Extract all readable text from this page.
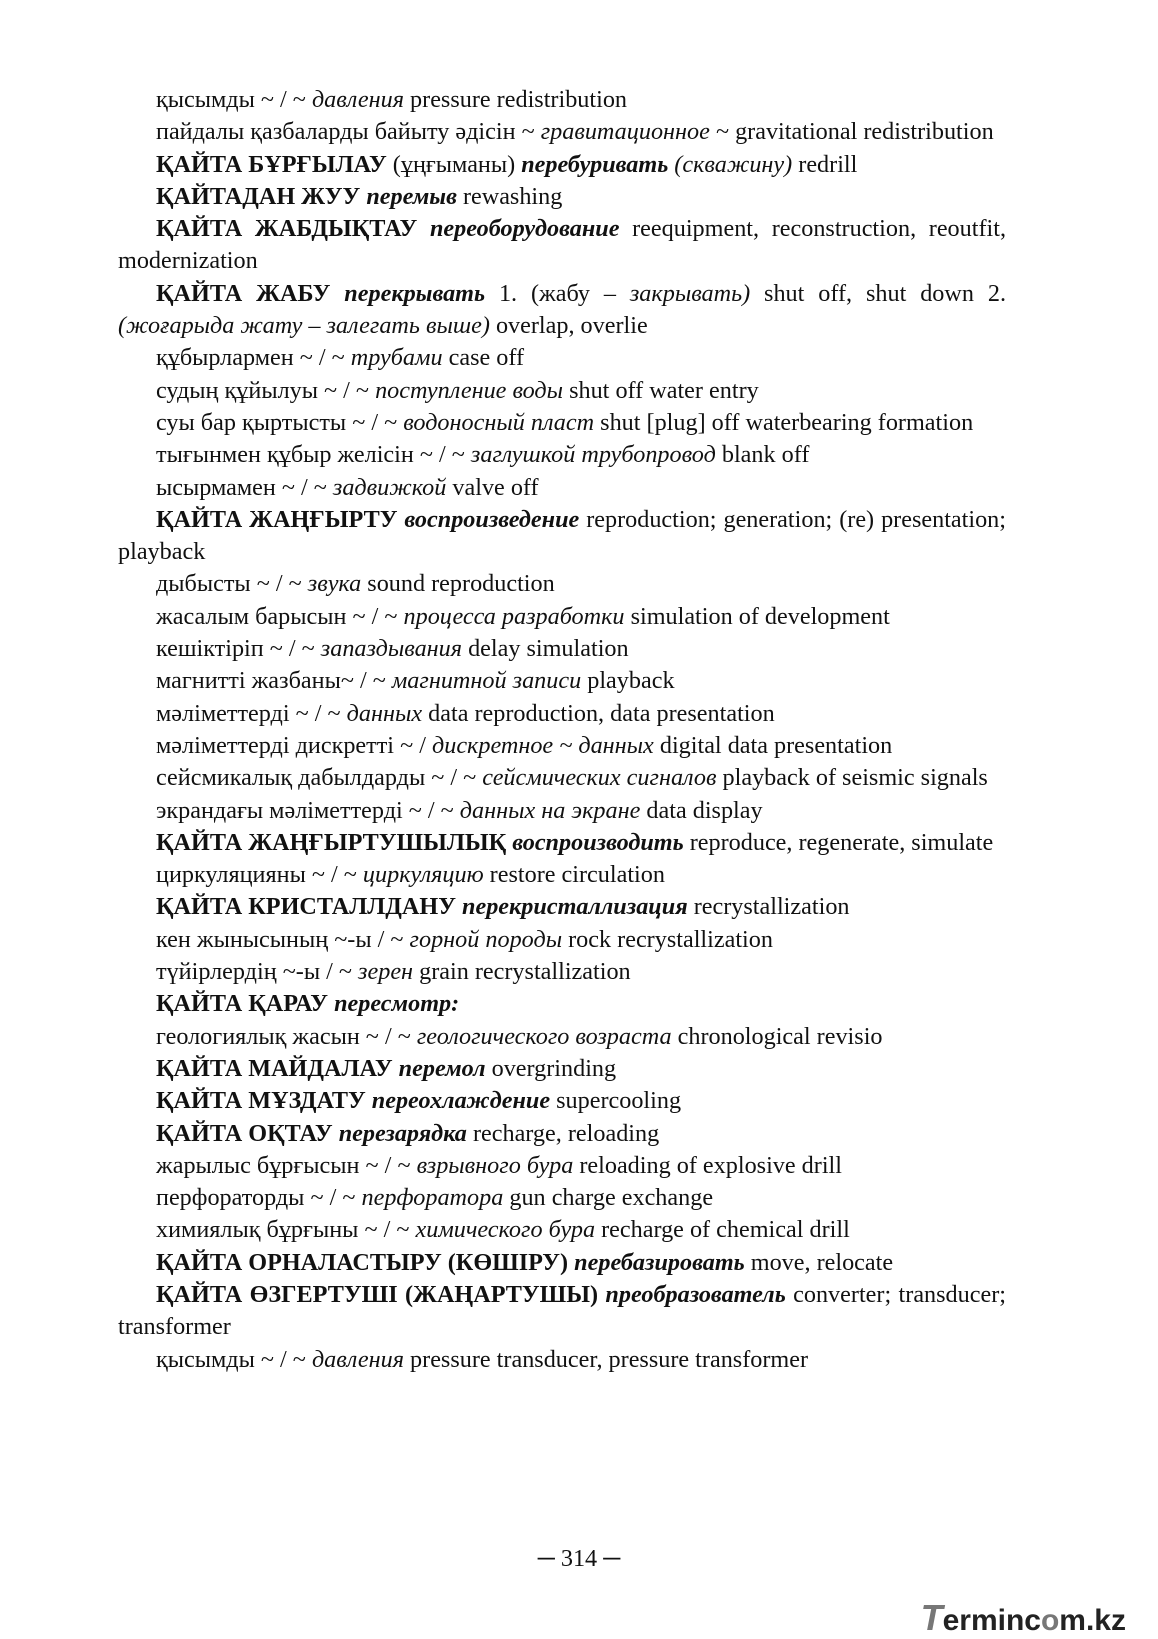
қысымды ~ / ~ давления pressure redistribution

пайдалы қазбаларды байыту әдісін ~ гравитационное ~ gravitational redistribution

ҚАЙТА БҰРҒЫЛАУ (ұңғыманы) перебуривать (скважину) redrill

ҚАЙТАДАН ЖУУ перемыв rewashing

ҚАЙТА ЖАБДЫҚТАУ переоборудование reequipment, reconstruction, reoutfit, modernization

ҚАЙТА ЖАБУ перекрывать 1. (жабу – закрывать) shut off, shut down 2. (жоғарыда жату – залегать выше) overlap, overlie

құбырлармен ~ / ~ трубами case off

судың құйылуы ~ / ~ поступление воды shut off water entry

суы бар қыртысты ~ / ~ водоносный пласт shut [plug] off waterbearing formation

тығынмен құбыр желісін ~ / ~ заглушкой трубопровод blank off

ысырмамен ~ / ~ задвижкой valve off

ҚАЙТА ЖАҢҒЫРТУ воспроизведение reproduction; generation; (re) presentation; playback

дыбысты ~ / ~ звука sound reproduction

жасалым барысын ~ / ~ процесса разработки simulation of development

кешіктіріп ~ / ~ запаздывания delay simulation

магнитті жазбаны~ / ~ магнитной записи playback

мәліметтерді ~ / ~ данных data reproduction, data presentation

мәліметтерді дискретті ~ / дискретное ~ данных digital data presentation

сейсмикалық дабылдарды ~ / ~ сейсмических сигналов playback of seismic signals

экрандағы мәліметтерді ~ / ~ данных на экране data display

ҚАЙТА ЖАҢҒЫРТУШЫЛЫҚ воспроизводить reproduce, regenerate, simulate

циркуляцияны ~ / ~ циркуляцию restore circulation

ҚАЙТА КРИСТАЛЛДАНУ перекристаллизация recrystallization

кен жынысының ~-ы / ~ горной породы rock recrystallization

түйірлердің ~-ы / ~ зерен grain recrystallization

ҚАЙТА ҚАРАУ пересмотр:

геологиялық жасын ~ / ~ геологического возраста chronological revisio

ҚАЙТА МАЙДАЛАУ перемол overgrinding

ҚАЙТА МҰЗДАТУ переохлаждение supercooling

ҚАЙТА ОҚТАУ перезарядка recharge, reloading

жарылыс бұрғысын ~ / ~ взрывного бура reloading of explosive drill

перфораторды ~ / ~ перфоратора gun charge exchange

химиялық бұрғыны ~ / ~ химического бура recharge of chemical drill

ҚАЙТА ОРНАЛАСТЫРУ (КӨШІРУ) перебазировать move, relocate

ҚАЙТА ӨЗГЕРТУШІ (ЖАҢАРТУШЫ) преобразователь converter; transducer; transformer

қысымды ~ / ~ давления pressure transducer, pressure transformer

─ 314 ─
Termincom.kz
